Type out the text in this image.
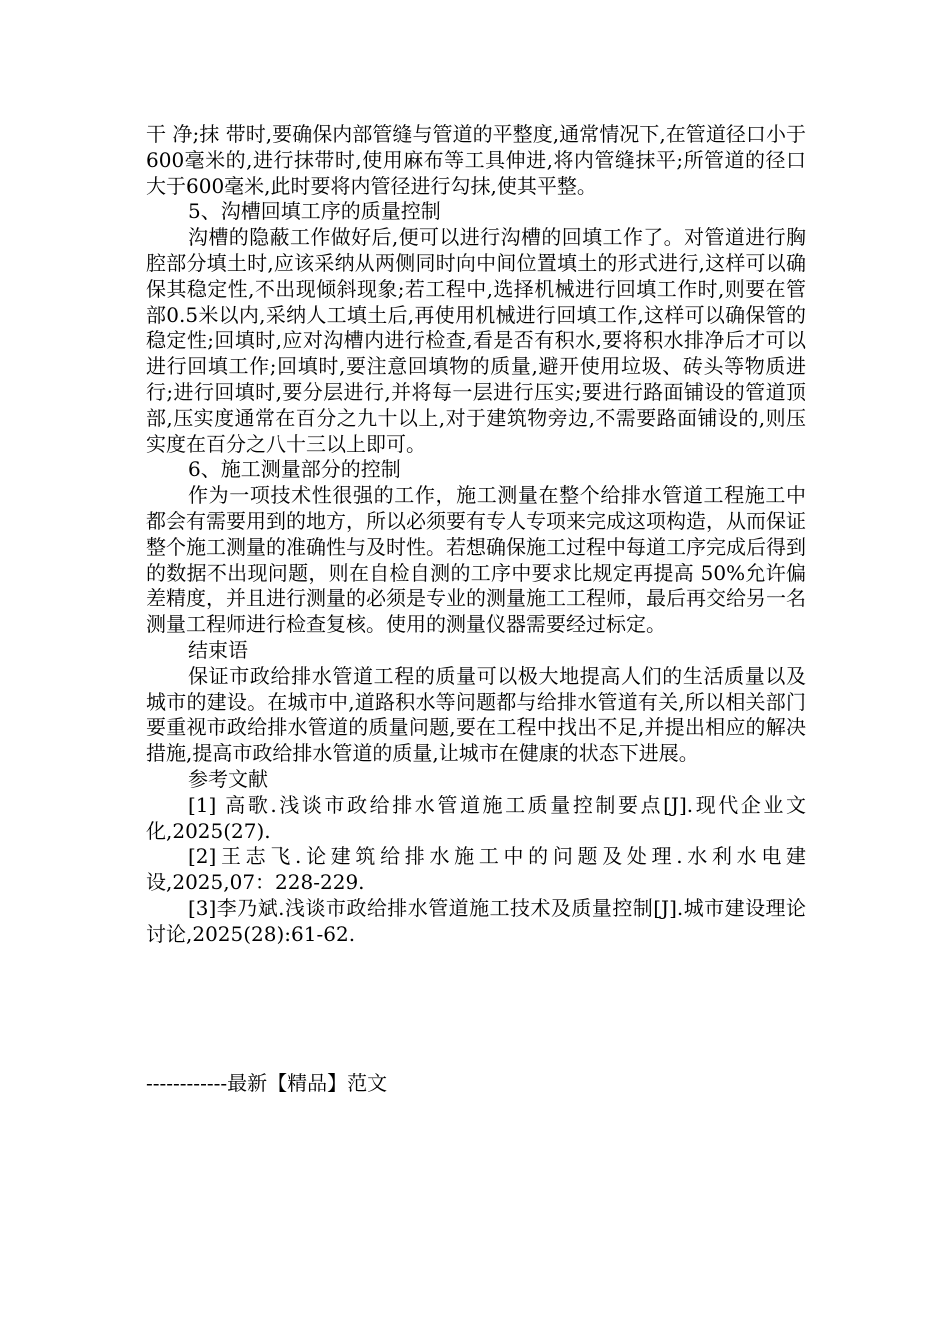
干 净;抹 带时,要确保内部管缝与管道的平整度,通常情况下,在管道径口小于600毫米的,进行抹带时,使用麻布等工具伸进,将内管缝抹平;所管道的径口大于600毫米,此时要将内管径进行勾抹,使其平整。

5、沟槽回填工序的质量控制

沟槽的隐蔽工作做好后,便可以进行沟槽的回填工作了。对管道进行胸腔部分填土时,应该采纳从两侧同时向中间位置填土的形式进行,这样可以确保其稳定性,不出现倾斜现象;若工程中,选择机械进行回填工作时,则要在管部0.5米以内,采纳人工填土后,再使用机械进行回填工作,这样可以确保管的稳定性;回填时,应对沟槽内进行检查,看是否有积水,要将积水排净后才可以进行回填工作;回填时,要注意回填物的质量,避开使用垃圾、砖头等物质进行;进行回填时,要分层进行,并将每一层进行压实;要进行路面铺设的管道顶部,压实度通常在百分之九十以上,对于建筑物旁边,不需要路面铺设的,则压实度在百分之八十三以上即可。

6、施工测量部分的控制

作为一项技术性很强的工作，施工测量在整个给排水管道工程施工中都会有需要用到的地方，所以必须要有专人专项来完成这项构造，从而保证整个施工测量的准确性与及时性。若想确保施工过程中每道工序完成后得到的数据不出现问题，则在自检自测的工序中要求比规定再提高 50%允许偏差精度，并且进行测量的必须是专业的测量施工工程师，最后再交给另一名测量工程师进行检查复核。使用的测量仪器需要经过标定。

结束语

保证市政给排水管道工程的质量可以极大地提高人们的生活质量以及城市的建设。在城市中,道路积水等问题都与给排水管道有关,所以相关部门要重视市政给排水管道的质量问题,要在工程中找出不足,并提出相应的解决措施,提高市政给排水管道的质量,让城市在健康的状态下进展。

参考文献

[1] 高歌.浅谈市政给排水管道施工质量控制要点[J].现代企业文化,2025(27).

[2]王志飞.论建筑给排水施工中的问题及处理.水利水电建设,2025,07：228-229.

[3]李乃斌.浅谈市政给排水管道施工技术及质量控制[J].城市建设理论讨论,2025(28):61-62.

------------最新【精品】范文
